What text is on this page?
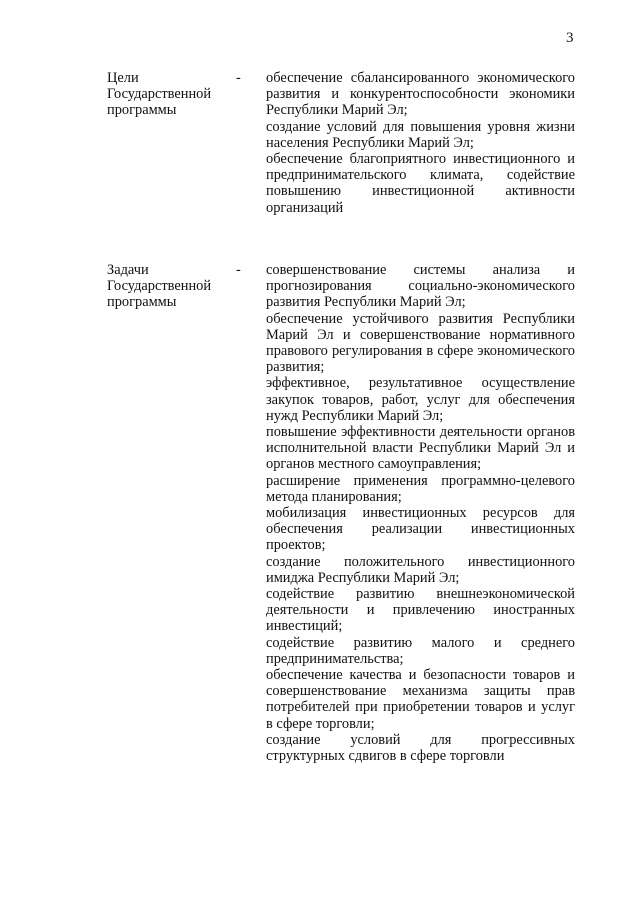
3
Цели
Государственной
программы
-	обеспечение сбалансированного экономического развития и конкурентоспособности экономики Республики Марий Эл;

создание условий для повышения уровня жизни населения Республики Марий Эл;

обеспечение благоприятного инвестиционного и предпринимательского климата, содействие повышению инвестиционной активности организаций

Задачи
Государственной
программы
-	совершенствование системы анализа и прогнозирования социально-экономического развития Республики Марий Эл;

обеспечение устойчивого развития Республики Марий Эл и совершенствование нормативного правового регулирования в сфере экономического развития;

эффективное, результативное осуществление закупок товаров, работ, услуг для обеспечения нужд Республики Марий Эл;

повышение эффективности деятельности органов исполнительной власти Республики Марий Эл и органов местного самоуправления;

расширение применения программно-целевого метода планирования;

мобилизация инвестиционных ресурсов для обеспечения реализации инвестиционных проектов;

создание положительного инвестиционного имиджа Республики Марий Эл;

содействие развитию внешнеэкономической деятельности и привлечению иностранных инвестиций;

содействие развитию малого и среднего предпринимательства;

обеспечение качества и безопасности товаров и совершенствование механизма защиты прав потребителей при приобретении товаров и услуг в сфере торговли;

создание условий для прогрессивных структурных сдвигов в сфере торговли
